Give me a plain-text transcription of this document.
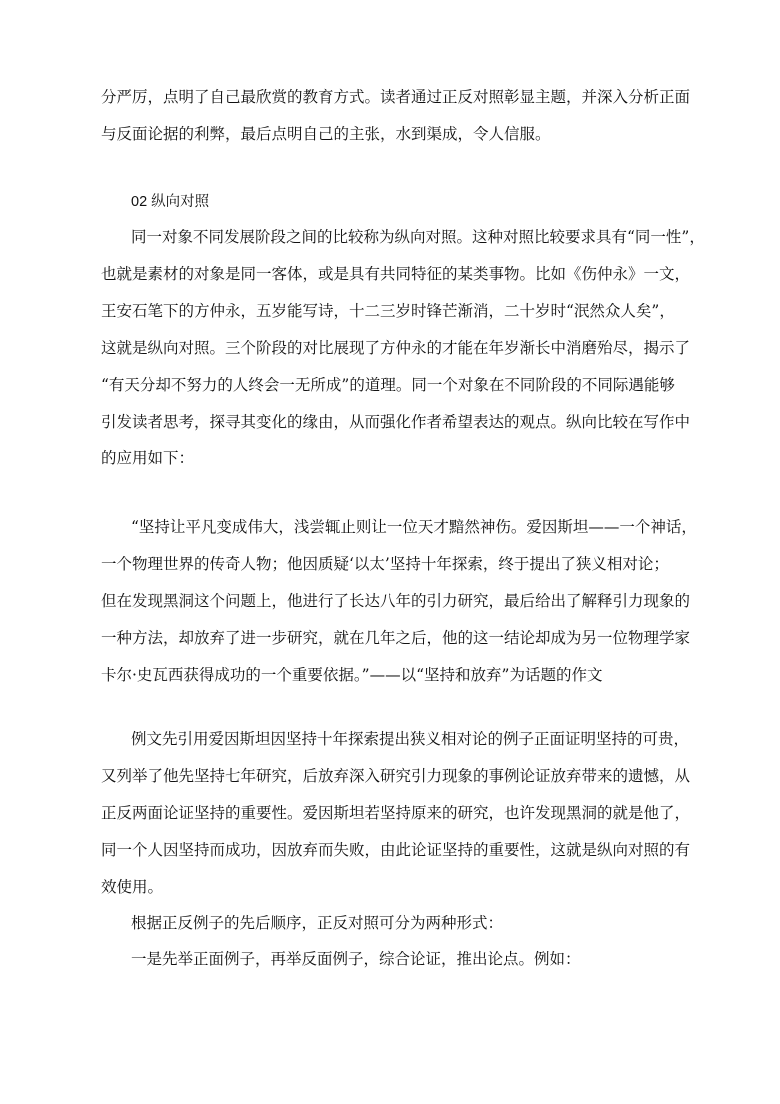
分严厉，点明了自己最欣赏的教育方式。读者通过正反对照彰显主题，并深入分析正面
与反面论据的利弊，最后点明自己的主张，水到渠成，令人信服。
02 纵向对照
同一对象不同发展阶段之间的比较称为纵向对照。这种对照比较要求具有“同一性”，
也就是素材的对象是同一客体，或是具有共同特征的某类事物。比如《伤仲永》一文，
王安石笔下的方仲永，五岁能写诗，十二三岁时锋芒渐消，二十岁时“泯然众人矣”，
这就是纵向对照。三个阶段的对比展现了方仲永的才能在年岁渐长中消磨殆尽，揭示了
“有天分却不努力的人终会一无所成”的道理。同一个对象在不同阶段的不同际遇能够
引发读者思考，探寻其变化的缘由，从而强化作者希望表达的观点。纵向比较在写作中
的应用如下：
“坚持让平凡变成伟大，浅尝辄止则让一位天才黯然神伤。爱因斯坦——一个神话，
一个物理世界的传奇人物；他因质疑‘以太’坚持十年探索，终于提出了狭义相对论；
但在发现黑洞这个问题上，他进行了长达八年的引力研究，最后给出了解释引力现象的
一种方法，却放弃了进一步研究，就在几年之后，他的这一结论却成为另一位物理学家
卡尔·史瓦西获得成功的一个重要依据。”——以“坚持和放弃”为话题的作文
例文先引用爱因斯坦因坚持十年探索提出狭义相对论的例子正面证明坚持的可贵，
又列举了他先坚持七年研究，后放弃深入研究引力现象的事例论证放弃带来的遗憾，从
正反两面论证坚持的重要性。爱因斯坦若坚持原来的研究，也许发现黑洞的就是他了，
同一个人因坚持而成功，因放弃而失败，由此论证坚持的重要性，这就是纵向对照的有
效使用。
根据正反例子的先后顺序，正反对照可分为两种形式：
一是先举正面例子，再举反面例子，综合论证，推出论点。例如：
